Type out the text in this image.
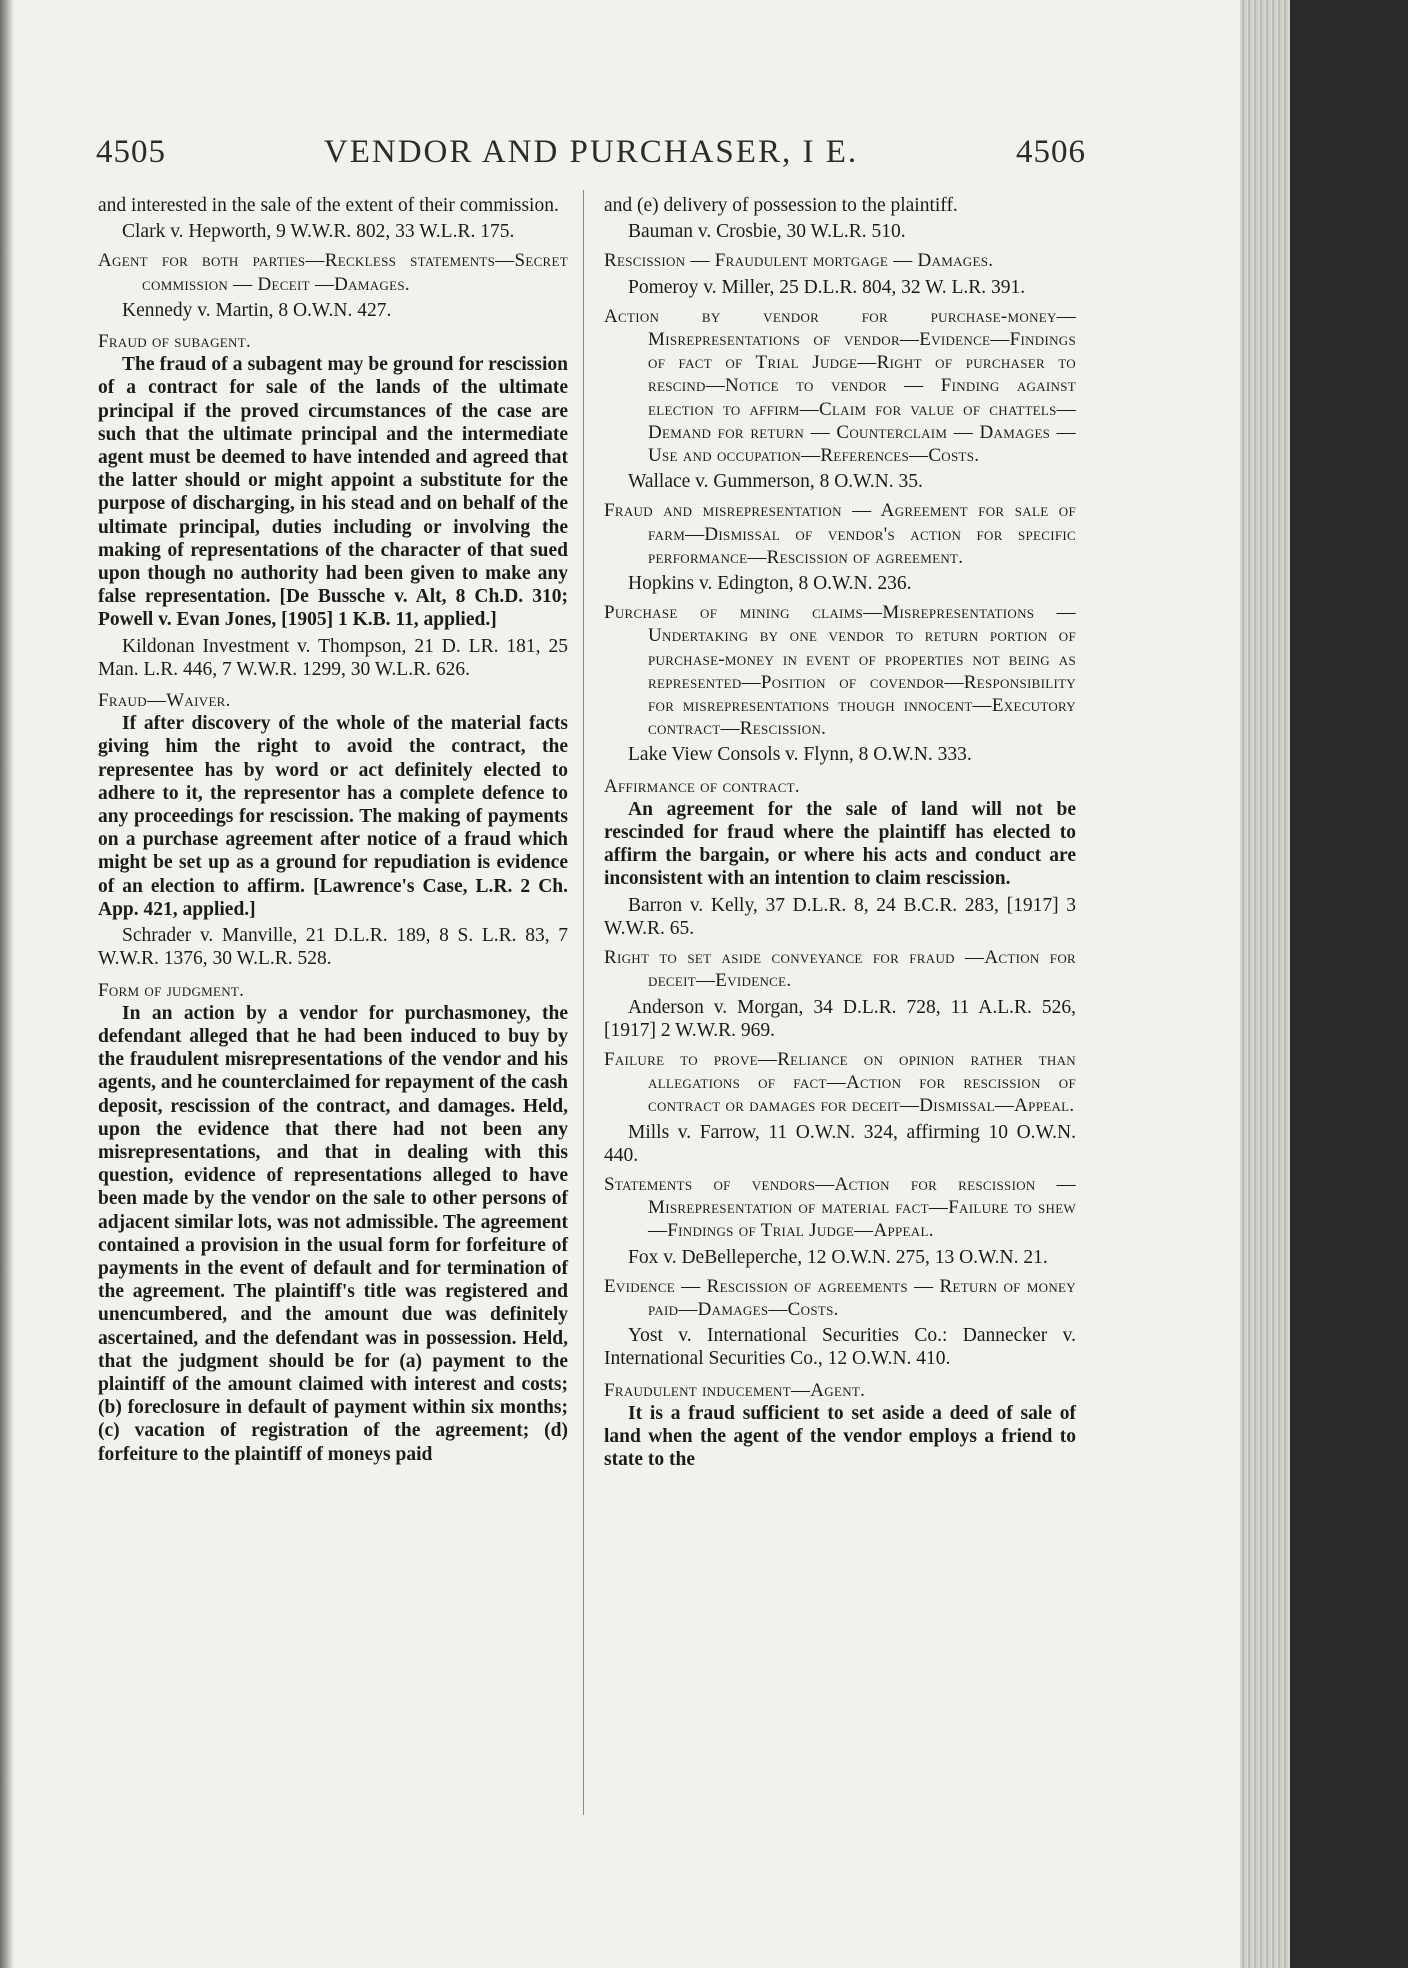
4505	VENDOR AND PURCHASER, I E.	4506

and interested in the sale of the extent of their commission.

Clark v. Hepworth, 9 W.W.R. 802, 33 W.L.R. 175.

Agent for both parties—Reckless statements—Secret commission — Deceit —Damages.

Kennedy v. Martin, 8 O.W.N. 427.

Fraud of subagent.

The fraud of a subagent may be ground for rescission of a contract for sale of the lands of the ultimate principal if the proved circumstances of the case are such that the ultimate principal and the intermediate agent must be deemed to have intended and agreed that the latter should or might appoint a substitute for the purpose of discharging, in his stead and on behalf of the ultimate principal, duties including or involving the making of representations of the character of that sued upon though no authority had been given to make any false representation. [De Bussche v. Alt, 8 Ch.D. 310; Powell v. Evan Jones, [1905] 1 K.B. 11, applied.]

Kildonan Investment v. Thompson, 21 D. LR. 181, 25 Man. L.R. 446, 7 W.W.R. 1299, 30 W.L.R. 626.

Fraud—Waiver.

If after discovery of the whole of the material facts giving him the right to avoid the contract, the representee has by word or act definitely elected to adhere to it, the representor has a complete defence to any proceedings for rescission. The making of payments on a purchase agreement after notice of a fraud which might be set up as a ground for repudiation is evidence of an election to affirm. [Lawrence's Case, L.R. 2 Ch. App. 421, applied.]

Schrader v. Manville, 21 D.L.R. 189, 8 S. L.R. 83, 7 W.W.R. 1376, 30 W.L.R. 528.

Form of judgment.

In an action by a vendor for purchasmoney, the defendant alleged that he had been induced to buy by the fraudulent misrepresentations of the vendor and his agents, and he counterclaimed for repayment of the cash deposit, rescission of the contract, and damages. Held, upon the evidence that there had not been any misrepresentations, and that in dealing with this question, evidence of representations alleged to have been made by the vendor on the sale to other persons of adjacent similar lots, was not admissible. The agreement contained a provision in the usual form for forfeiture of payments in the event of default and for termination of the agreement. The plaintiff's title was registered and unencumbered, and the amount due was definitely ascertained, and the defendant was in possession. Held, that the judgment should be for (a) payment to the plaintiff of the amount claimed with interest and costs; (b) foreclosure in default of payment within six months; (c) vacation of registration of the agreement; (d) forfeiture to the plaintiff of moneys paid

and (e) delivery of possession to the plaintiff.

Bauman v. Crosbie, 30 W.L.R. 510.

Rescission — Fraudulent mortgage — Damages.

Pomeroy v. Miller, 25 D.L.R. 804, 32 W. L.R. 391.

Action by vendor for purchase-money—Misrepresentations of vendor—Evidence—Findings of fact of Trial Judge—Right of purchaser to rescind—Notice to vendor — Finding against election to affirm—Claim for value of chattels—Demand for return — Counterclaim — Damages —Use and occupation—References—Costs.

Wallace v. Gummerson, 8 O.W.N. 35.

Fraud and misrepresentation — Agreement for sale of farm—Dismissal of vendor's action for specific performance—Rescission of agreement.

Hopkins v. Edington, 8 O.W.N. 236.

Purchase of mining claims—Misrepresentations — Undertaking by one vendor to return portion of purchase-money in event of properties not being as represented—Position of covendor—Responsibility for misrepresentations though innocent—Executory contract—Rescission.

Lake View Consols v. Flynn, 8 O.W.N. 333.

Affirmance of contract.

An agreement for the sale of land will not be rescinded for fraud where the plaintiff has elected to affirm the bargain, or where his acts and conduct are inconsistent with an intention to claim rescission.

Barron v. Kelly, 37 D.L.R. 8, 24 B.C.R. 283, [1917] 3 W.W.R. 65.

Right to set aside conveyance for fraud —Action for deceit—Evidence.

Anderson v. Morgan, 34 D.L.R. 728, 11 A.L.R. 526, [1917] 2 W.W.R. 969.

Failure to prove—Reliance on opinion rather than allegations of fact—Action for rescission of contract or damages for deceit—Dismissal—Appeal.

Mills v. Farrow, 11 O.W.N. 324, affirming 10 O.W.N. 440.

Statements of vendors—Action for rescission — Misrepresentation of material fact—Failure to shew—Findings of Trial Judge—Appeal.

Fox v. DeBelleperche, 12 O.W.N. 275, 13 O.W.N. 21.

Evidence — Rescission of agreements — Return of money paid—Damages—Costs.

Yost v. International Securities Co.: Dannecker v. International Securities Co., 12 O.W.N. 410.

Fraudulent inducement—Agent.

It is a fraud sufficient to set aside a deed of sale of land when the agent of the vendor employs a friend to state to the
